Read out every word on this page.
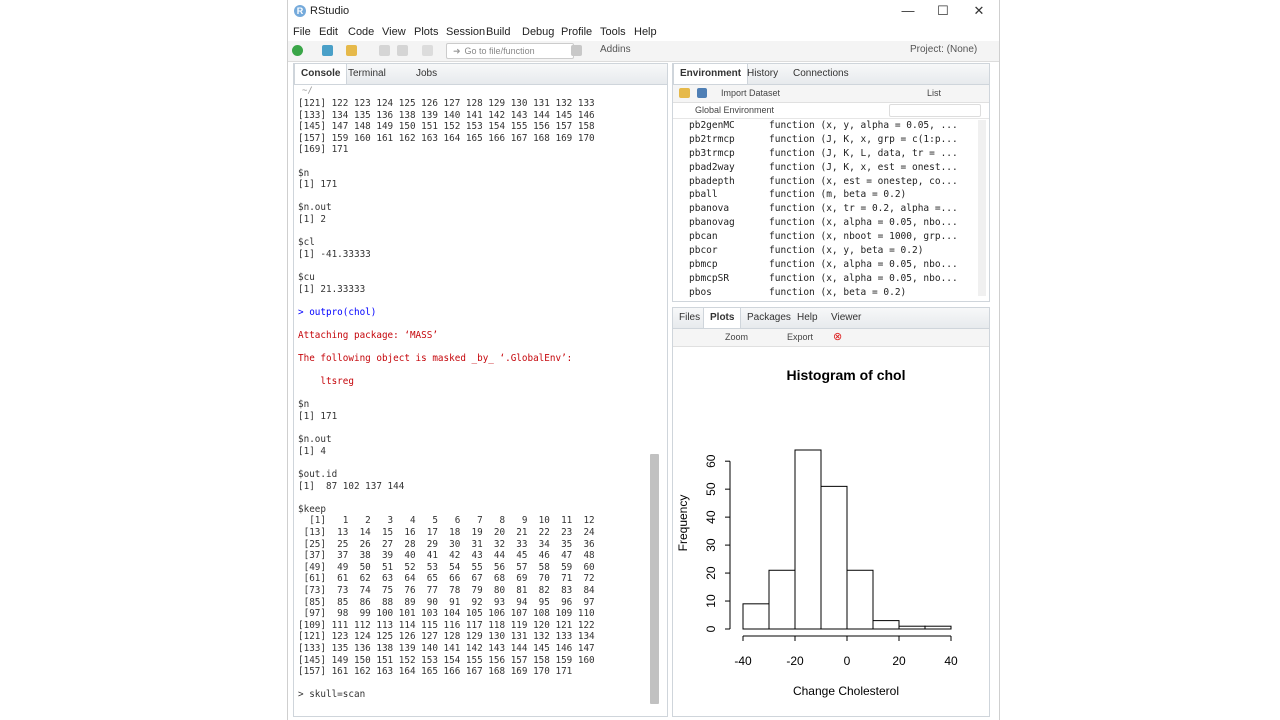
R RStudio	—	☐	✕
File Edit Code View Plots Session Build Debug Profile Tools Help
➜ Go to file/function	Addins	Project: (None)
Console Terminal	Jobs
~/
[121] 122 123 124 125 126 127 128 129 130 131 132 133
[133] 134 135 136 138 139 140 141 142 143 144 145 146
[145] 147 148 149 150 151 152 153 154 155 156 157 158
[157] 159 160 161 162 163 164 165 166 167 168 169 170
[169] 171

$n
[1] 171

$n.out
[1] 2

$cl
[1] -41.33333

$cu
[1] 21.33333

> outpro(chol)

Attaching package: ‘MASS’

The following object is masked _by_ ‘.GlobalEnv’:

ltsreg

$n
[1] 171

$n.out
[1] 4

$out.id
[1]  87 102 137 144

$keep
[1]   1   2   3   4   5   6   7   8   9  10  11  12
[13]  13  14  15  16  17  18  19  20  21  22  23  24
[25]  25  26  27  28  29  30  31  32  33  34  35  36
[37]  37  38  39  40  41  42  43  44  45  46  47  48
[49]  49  50  51  52  53  54  55  56  57  58  59  60
[61]  61  62  63  64  65  66  67  68  69  70  71  72
[73]  73  74  75  76  77  78  79  80  81  82  83  84
[85]  85  86  88  89  90  91  92  93  94  95  96  97
[97]  98  99 100 101 103 104 105 106 107 108 109 110
[109] 111 112 113 114 115 116 117 118 119 120 121 122
[121] 123 124 125 126 127 128 129 130 131 132 133 134
[133] 135 136 138 139 140 141 142 143 144 145 146 147
[145] 149 150 151 152 153 154 155 156 157 158 159 160
[157] 161 162 163 164 165 166 167 168 169 170 171

> skull=scan
Environment History	Connections
Import Dataset	List
Global Environment
pb2genMC	function (x, y, alpha = 0.05, ...
pb2trmcp	function (J, K, x, grp = c(1:p...
pb3trmcp	function (J, K, L, data, tr = ...
pbad2way	function (J, K, x, est = onest...
pbadepth	function (x, est = onestep, co...
pball	function (m, beta = 0.2)
pbanova	function (x, tr = 0.2, alpha =...
pbanovag	function (x, alpha = 0.05, nbo...
pbcan	function (x, nboot = 1000, grp...
pbcor	function (x, y, beta = 0.2)
pbmcp	function (x, alpha = 0.05, nbo...
pbmcpSR	function (x, alpha = 0.05, nbo...
pbos	function (x, beta = 0.2)
Files Plots	Packages Help	Viewer
Zoom	Export ⊗
Histogram of chol
-40	-20	0	20	40
0
10
20
30
40
50
60
Change Cholesterol
Frequency
